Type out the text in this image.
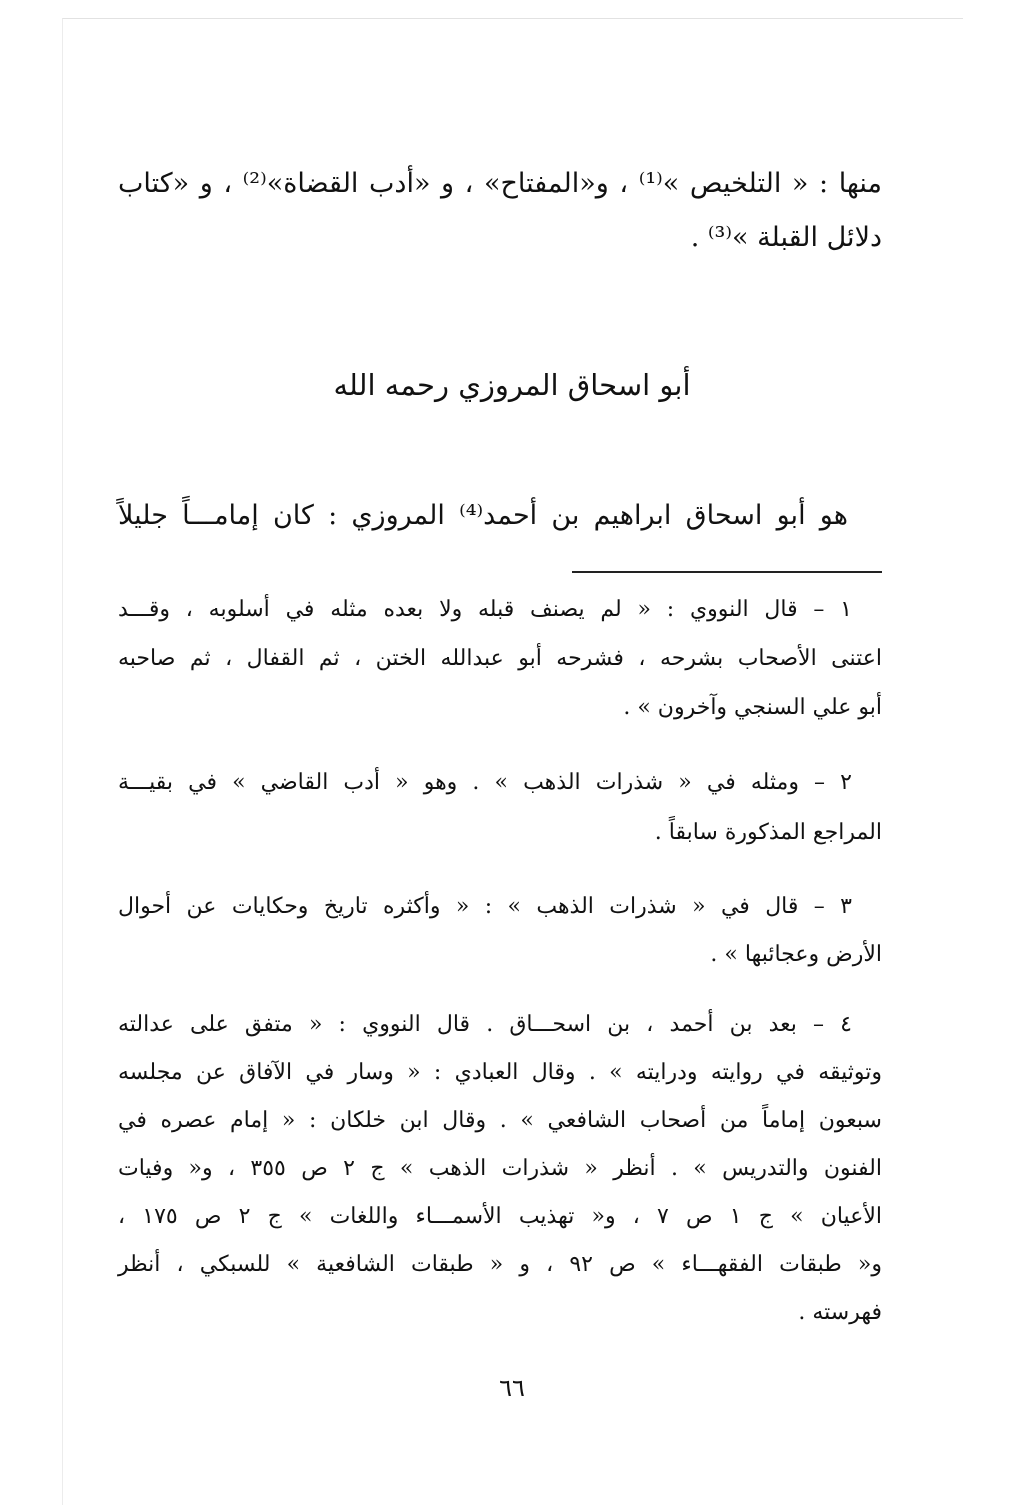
منها : « التلخيص »⁽¹⁾ ، و«المفتاح» ، و «أدب القضاة»⁽²⁾ ، و «كتاب
دلائل القبلة »⁽³⁾ .
أبو اسحاق المروزي رحمه الله
هو أبو اسحاق ابراهيم بن أحمد⁽⁴⁾ المروزي : كان إمامـــاً جليلاً
١ – قال النووي : « لم يصنف قبله ولا بعده مثله في أسلوبه ، وقـــد
اعتنى الأصحاب بشرحه ، فشرحه أبو عبدالله الختن ، ثم القفال ، ثم صاحبه
أبو علي السنجي وآخرون » .
٢ – ومثله في « شذرات الذهب » . وهو « أدب القاضي » في بقيـــة
المراجع المذكورة سابقاً .
٣ – قال في « شذرات الذهب » : « وأكثره تاريخ وحكايات عن أحوال
الأرض وعجائبها » .
٤ – بعد بن أحمد ، بن اسحـــاق . قال النووي : « متفق على عدالته
وتوثيقه في روايته ودرايته » . وقال العبادي : « وسار في الآفاق عن مجلسه
سبعون إماماً من أصحاب الشافعي » . وقال ابن خلكان : « إمام عصره في
الفنون والتدريس » . أنظر « شذرات الذهب » ج ٢ ص ٣٥٥ ، و« وفيات
الأعيان » ج ١ ص ٧ ، و« تهذيب الأسمـــاء واللغات » ج ٢ ص ١٧٥ ،
و« طبقات الفقهـــاء » ص ٩٢ ، و « طبقات الشافعية » للسبكي ، أنظر
فهرسته .
٦٦
